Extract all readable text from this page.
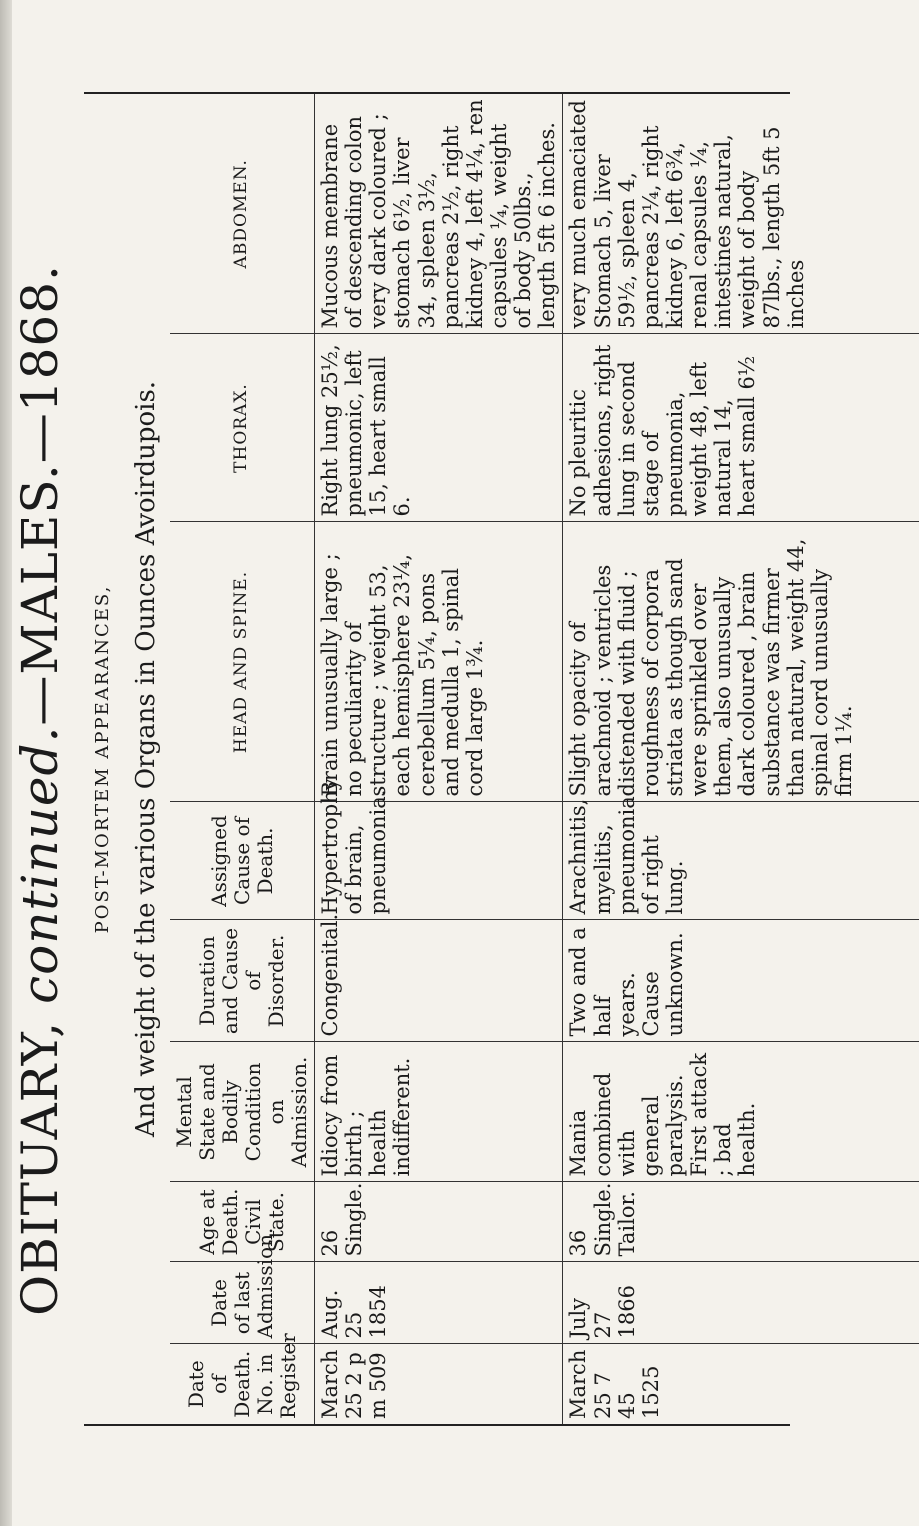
OBITUARY, continued.—MALES.—1868.
POST-MORTEM APPEARANCES, And weight of the various Organs in Ounces Avoirdupois.
Date of Death. No. in Register	Date of last Admission.	Age at Death. Civil State.	Mental State and Bodily Condition on Admission.	Duration and Cause of Disorder.	Assigned Cause of Death.	HEAD AND SPINE.	THORAX.	ABDOMEN.
March 25 2 p m 509	Aug. 25 1854	26 Single.	Idiocy from birth ; health indifferent.	Congenital.	Hypertrophy of brain, pneumonia.	Brain unusually large ; no peculiarity of structure ; weight 53, each hemisphere 23¼, cerebellum 5¼, pons and medulla 1, spinal cord large 1¾.	Right lung 25½, pneumonic, left 15, heart small 6.	Mucous membrane of descending colon very dark coloured ; stomach 6½, liver 34, spleen 3½, pancreas 2½, right kidney 4, left 4¼, ren capsules ¼, weight of body 50lbs., length 5ft 6 inches.
March 25 7 45 1525	July 27 1866	36 Single. Tailor.	Mania combined with general paralysis. First attack ; bad health.	Two and a half years. Cause unknown.	Arachnitis, myelitis, pneumonia of right lung.	Slight opacity of arachnoid ; ventricles distended with fluid ; roughness of corpora striata as though sand were sprinkled over them, also unusually dark coloured , brain substance was firmer than natural, weight 44, spinal cord unusually firm 1¼.	No pleuritic adhesions, right lung in second stage of pneumonia, weight 48, left natural 14, heart small 6½	very much emaciated Stomach 5, liver 59½, spleen 4, pancreas 2¼, right kidney 6, left 6¾, renal capsules ¼, intestines natural, weight of body 87lbs., length 5ft 5 inches
